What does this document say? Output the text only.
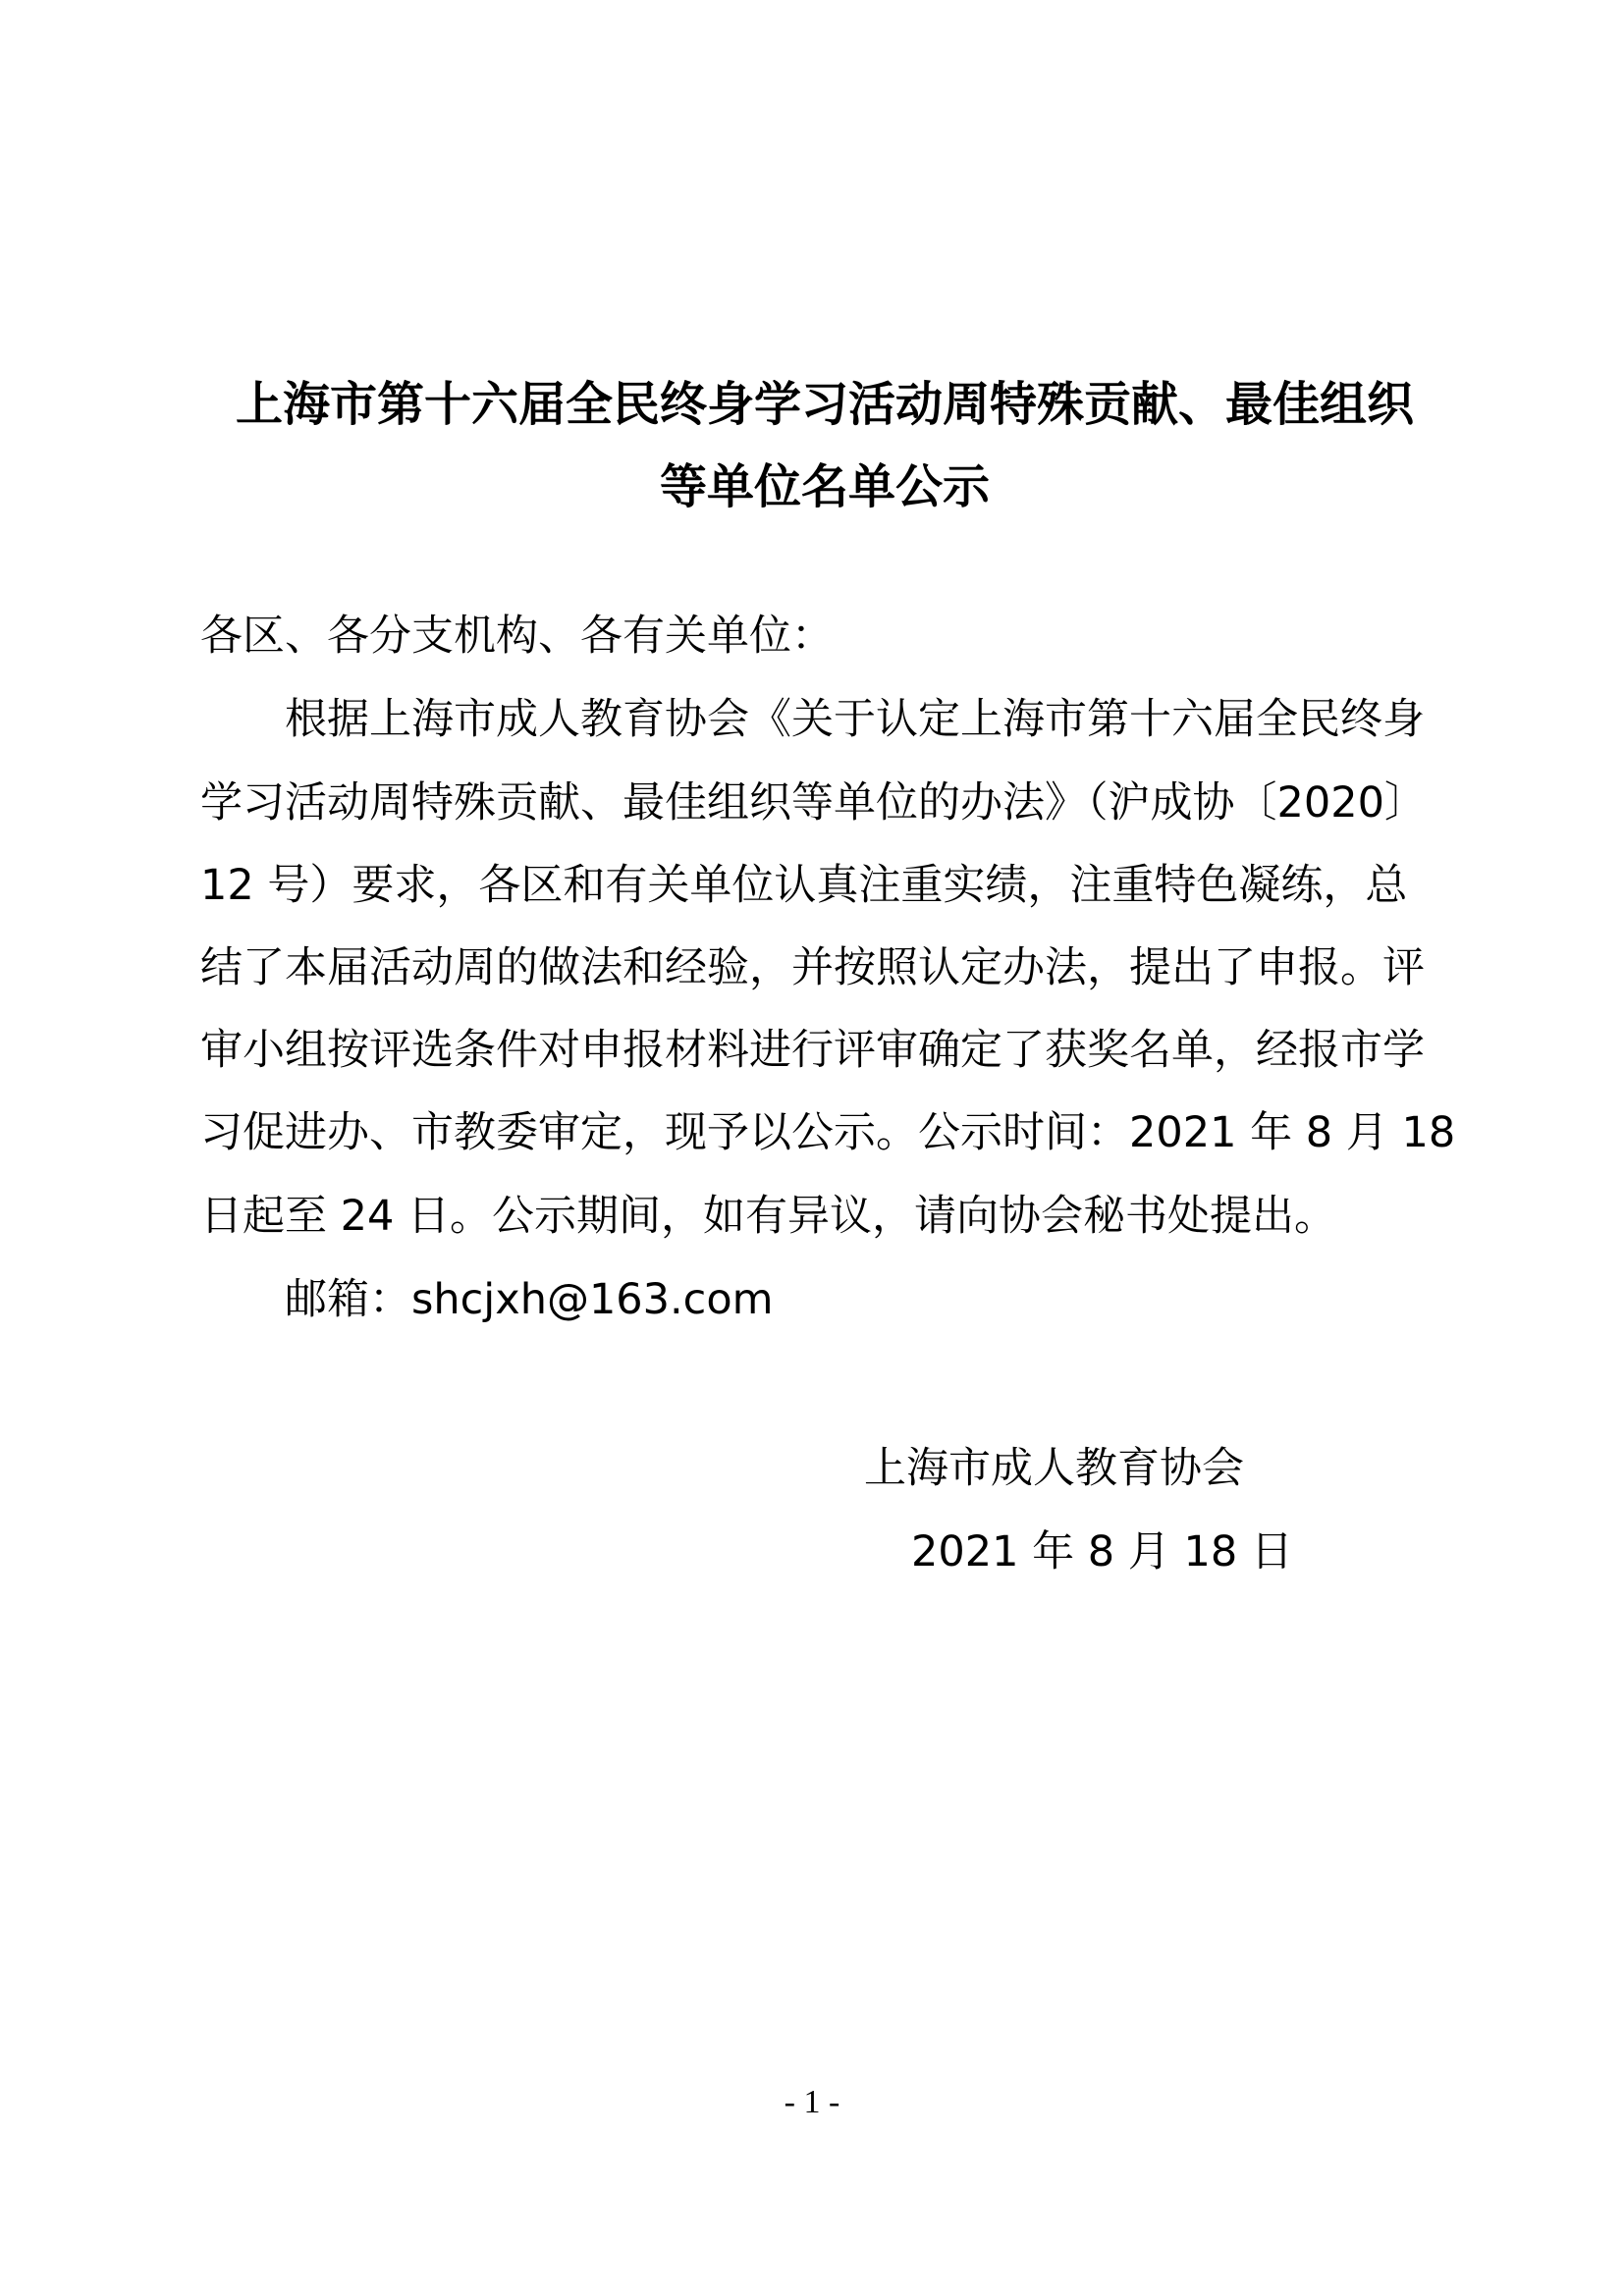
上海市第十六届全民终身学习活动周特殊贡献、最佳组织
等单位名单公示
各区、各分支机构、各有关单位：
根据上海市成人教育协会《关于认定上海市第十六届全民终身
学习活动周特殊贡献、最佳组织等单位的办法》（沪成协〔2020〕
12 号）要求，各区和有关单位认真注重实绩，注重特色凝练，总
结了本届活动周的做法和经验，并按照认定办法，提出了申报。评
审小组按评选条件对申报材料进行评审确定了获奖名单，经报市学
习促进办、市教委审定，现予以公示。公示时间：2021 年 8 月 18
日起至 24 日。公示期间，如有异议，请向协会秘书处提出。
邮箱：shcjxh@163.com
上海市成人教育协会
2021 年 8 月 18 日
- 1 -
